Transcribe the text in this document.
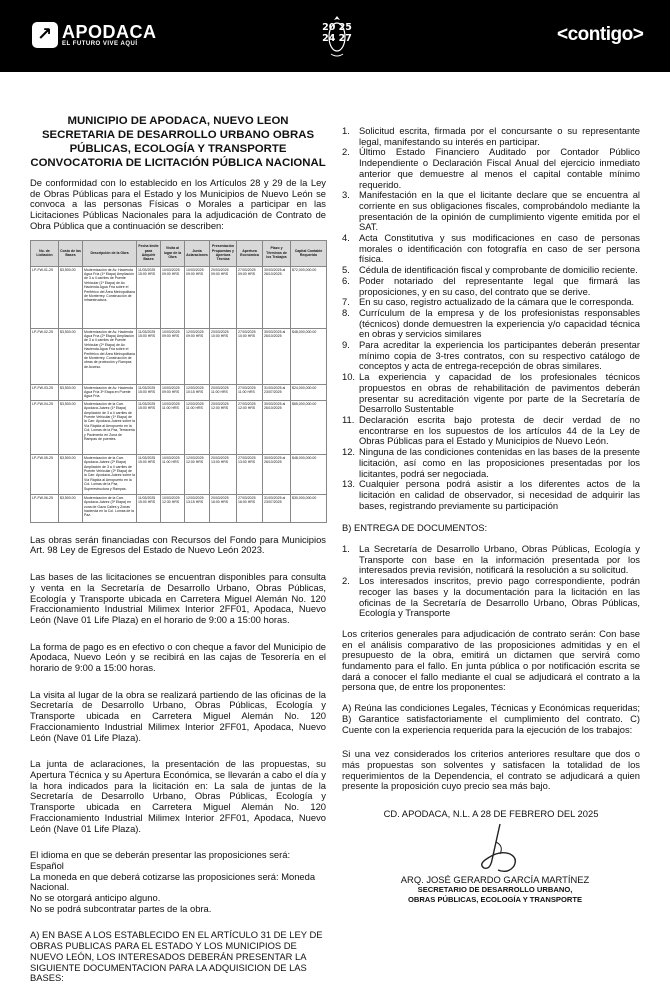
↗ APODACA
EL FUTURO VIVE AQUÍ
20 25
24 27	<contigo>
MUNICIPIO DE APODACA, NUEVO LEON
SECRETARIA DE DESARROLLO URBANO OBRAS
PÚBLICAS, ECOLOGÍA Y TRANSPORTE
CONVOCATORIA DE LICITACIÓN PÚBLICA NACIONAL

De conformidad con lo establecido en los Artículos 28 y 29 de la Ley de Obras Públicas para el Estado y los Municipios de Nuevo León se convoca a las personas Físicas o Morales a participar en las Licitaciones Públicas Nacionales para la adjudicación de Contrato de Obra Pública que a continuación se describen:

No. de Licitación	Costo de las Bases	Descripción de la Obra	Fecha límite para Adquirir Bases	Visita al lugar de la Obra	Junta Aclaraciones	Presentación Propuestas y Apertura Técnica	Apertura Económica	Plazo y Términos de los Trabajos	Capital Contable Requerido
LP-FW-01-25	$3,500.00	Modernización de Av. Hacienda Agua Fría (1ª Etapa) Ampliación de 3 a 4 carriles de Puente Vehicular (1ª Etapa) de Av. Hacienda Agua Fría sobre el Periférico del Área Metropolitana de Monterrey. Construcción de infraestructura.	11/03/2025 15:00 HRS	10/03/2025 09:00 HRS	10/03/2025 09:00 HRS	20/03/2025 09:00 HRS	27/03/2025 09:00 HRS	30/03/2025 al 26/10/2025	$72,000,000.00
LP-FW-02-25	$3,500.00	Modernización de Av. Hacienda Agua Fría (2ª Etapa) Ampliación de 3 a 4 carriles de Puente Vehicular (2ª Etapa) de Av. Hacienda Agua Fría sobre el Periférico del Área Metropolitana de Monterrey. Construcción de obras de protección y Rampas de Acceso.	11/03/2025 15:00 HRS	10/03/2025 09:00 HRS	12/03/2025 09:00 HRS	20/03/2025 10:00 HRS	27/03/2025 10:00 HRS	30/03/2025 al 26/10/2025	$48,000,000.00
LP-FW-03-25	$3,500.00	Modernización de Av. Hacienda Agua Fría 3ª Etapa en Puente Agua Fría.	11/03/2025 15:00 HRS	10/03/2025 09:00 HRS	12/03/2025 10:15 HRS	20/03/2025 11:00 HRS	27/03/2025 11:00 HRS	31/03/2025 al 23/07/2025	$24,000,000.00
LP-FW-04-25	$3,500.00	Modernización de la Carr. Apodaca-Juárez (1ª Etapa) Ampliación de 3 a 4 carriles de Puente Vehicular (1ª Etapa) de la Carr. Apodaca-Juárez sobre la Vía Rápida al Aeropuerto en la Col. Lomas de la Paz, Terraceria y Pavimento en Zona de Rampas de puentes.	11/03/2025 15:00 HRS	10/03/2025 11:00 HRS	12/03/2025 11:00 HRS	20/03/2025 12:00 HRS	27/03/2025 12:00 HRS	30/03/2025 al 26/10/2025	$65,000,000.00
LP-FW-05-25	$3,500.00	Modernización de la Carr. Apodaca-Juárez (2ª Etapa) Ampliación de 3 a 4 carriles de Puente Vehicular (2ª Etapa) de la Carr. Apodaca-Juárez sobre la Vía Rápida al Aeropuerto en la Col. Lomas de la Paz, Superestructura y Rampas.	11/03/2025 15:00 HRS	10/03/2025 11:00 HRS	12/03/2025 12:00 HRS	20/03/2025 13:00 HRS	27/03/2025 13:00 HRS	30/03/2025 al 26/10/2025	$48,000,000.00
LP-FW-06-25	$3,500.00	Modernización de la Carr. Apodaca-Juárez (3ª Etapa) en zona de Gaza Calles y Zonas hacienda en la Col. Lomas de la Paz.	11/03/2025 15:00 HRS	10/03/2025 12:30 HRS	12/03/2025 13:15 HRS	20/03/2025 16:00 HRS	27/03/2025 16:00 HRS	31/03/2025 al 23/07/2025	$30,000,000.00

Las obras serán financiadas con Recursos del Fondo para Municipios Art. 98 Ley de Egresos del Estado de Nuevo León 2023.

Las bases de las licitaciones se encuentran disponibles para consulta y venta en la Secretaría de Desarrollo Urbano, Obras Públicas, Ecología y Transporte ubicada en Carretera Miguel Alemán No. 120 Fraccionamiento Industrial Milimex Interior 2FF01, Apodaca, Nuevo León (Nave 01 Life Plaza) en el horario de 9:00 a 15:00 horas.

La forma de pago es en efectivo o con cheque a favor del Municipio de Apodaca, Nuevo León y se recibirá en las cajas de Tesorería en el horario de 9:00 a 15:00 horas.

La visita al lugar de la obra se realizará partiendo de las oficinas de la Secretaría de Desarrollo Urbano, Obras Públicas, Ecología y Transporte ubicada en Carretera Miguel Alemán No. 120 Fraccionamiento Industrial Milimex Interior 2FF01, Apodaca, Nuevo León (Nave 01 Life Plaza).

La junta de aclaraciones, la presentación de las propuestas, su Apertura Técnica y su Apertura Económica, se llevarán a cabo el día y la hora indicados para la licitación en: La sala de juntas de la Secretaría de Desarrollo Urbano, Obras Públicas, Ecología y Transporte ubicada en Carretera Miguel Alemán No. 120 Fraccionamiento Industrial Milimex Interior 2FF01, Apodaca, Nuevo León (Nave 01 Life Plaza).

El idioma en que se deberán presentar las proposiciones será: Español
La moneda en que deberá cotizarse las proposiciones será: Moneda Nacional.
No se otorgará anticipo alguno.
No se podrá subcontratar partes de la obra.

A) EN BASE A LOS ESTABLECIDO EN EL ARTÍCULO 31 DE LEY DE OBRAS PUBLICAS PARA EL ESTADO Y LOS MUNICIPIOS DE NUEVO LEÓN, LOS INTERESADOS DEBERÁN PRESENTAR LA SIGUIENTE DOCUMENTACION PARA LA ADQUISICION DE LAS BASES:

1. Solicitud escrita, firmada por el concursante o su representante legal, manifestando su interés en participar.
2. Último Estado Financiero Auditado por Contador Público Independiente o Declaración Fiscal Anual del ejercicio inmediato anterior que demuestre al menos el capital contable mínimo requerido.
3. Manifestación en la que el licitante declare que se encuentra al corriente en sus obligaciones fiscales, comprobándolo mediante la presentación de la opinión de cumplimiento vigente emitida por el SAT.
4. Acta Constitutiva y sus modificaciones en caso de personas morales o identificación con fotografía en caso de ser persona física.
5. Cédula de identificación fiscal y comprobante de domicilio reciente.
6. Poder notariado del representante legal que firmará las proposiciones, y en su caso, del contrato que se derive.
7. En su caso, registro actualizado de la cámara que le corresponda.
8. Currículum de la empresa y de los profesionistas responsables (técnicos) donde demuestren la experiencia y/o capacidad técnica en obras y servicios similares
9. Para acreditar la experiencia los participantes deberán presentar mínimo copia de 3-tres contratos, con su respectivo catálogo de conceptos y acta de entrega-recepción de obras similares.
10. La experiencia y capacidad de los profesionales técnicos propuestos en obras de rehabilitación de pavimentos deberán presentar su acreditación vigente por parte de la Secretaría de Desarrollo Sustentable
11. Declaración escrita bajo protesta de decir verdad de no encontrarse en los supuestos de los artículos 44 de la Ley de Obras Públicas para el Estado y Municipios de Nuevo León.
12. Ninguna de las condiciones contenidas en las bases de la presente licitación, así como en las proposiciones presentadas por los licitantes, podrá ser negociada.
13. Cualquier persona podrá asistir a los diferentes actos de la licitación en calidad de observador, si necesidad de adquirir las bases, registrando previamente su participación

B) ENTREGA DE DOCUMENTOS:

1. La Secretaría de Desarrollo Urbano, Obras Públicas, Ecología y Transporte con base en la información presentada por los interesados previa revisión, notificará la resolución a su solicitud.
2. Los interesados inscritos, previo pago correspondiente, podrán recoger las bases y la documentación para la licitación en las oficinas de la Secretaría de Desarrollo Urbano, Obras Públicas, Ecología y Transporte

Los criterios generales para adjudicación de contrato serán: Con base en el análisis comparativo de las proposiciones admitidas y en el presupuesto de la obra, emitirá un dictamen que servirá como fundamento para el fallo. En junta pública o por notificación escrita se dará a conocer el fallo mediante el cual se adjudicará el contrato a la persona que, de entre los proponentes:

A) Reúna las condiciones Legales, Técnicas y Económicas requeridas; B) Garantice satisfactoriamente el cumplimiento del contrato. C) Cuente con la experiencia requerida para la ejecución de los trabajos:

Si una vez considerados los criterios anteriores resultare que dos o más propuestas son solventes y satisfacen la totalidad de los requerimientos de la Dependencia, el contrato se adjudicará a quien presente la proposición cuyo precio sea más bajo.

CD. APODACA, N.L. A 28 DE FEBRERO DEL 2025
ARQ. JOSÉ GERARDO GARCÍA MARTÍNEZ
SECRETARIO DE DESARROLLO URBANO,
OBRAS PÚBLICAS, ECOLOGÍA Y TRANSPORTE
